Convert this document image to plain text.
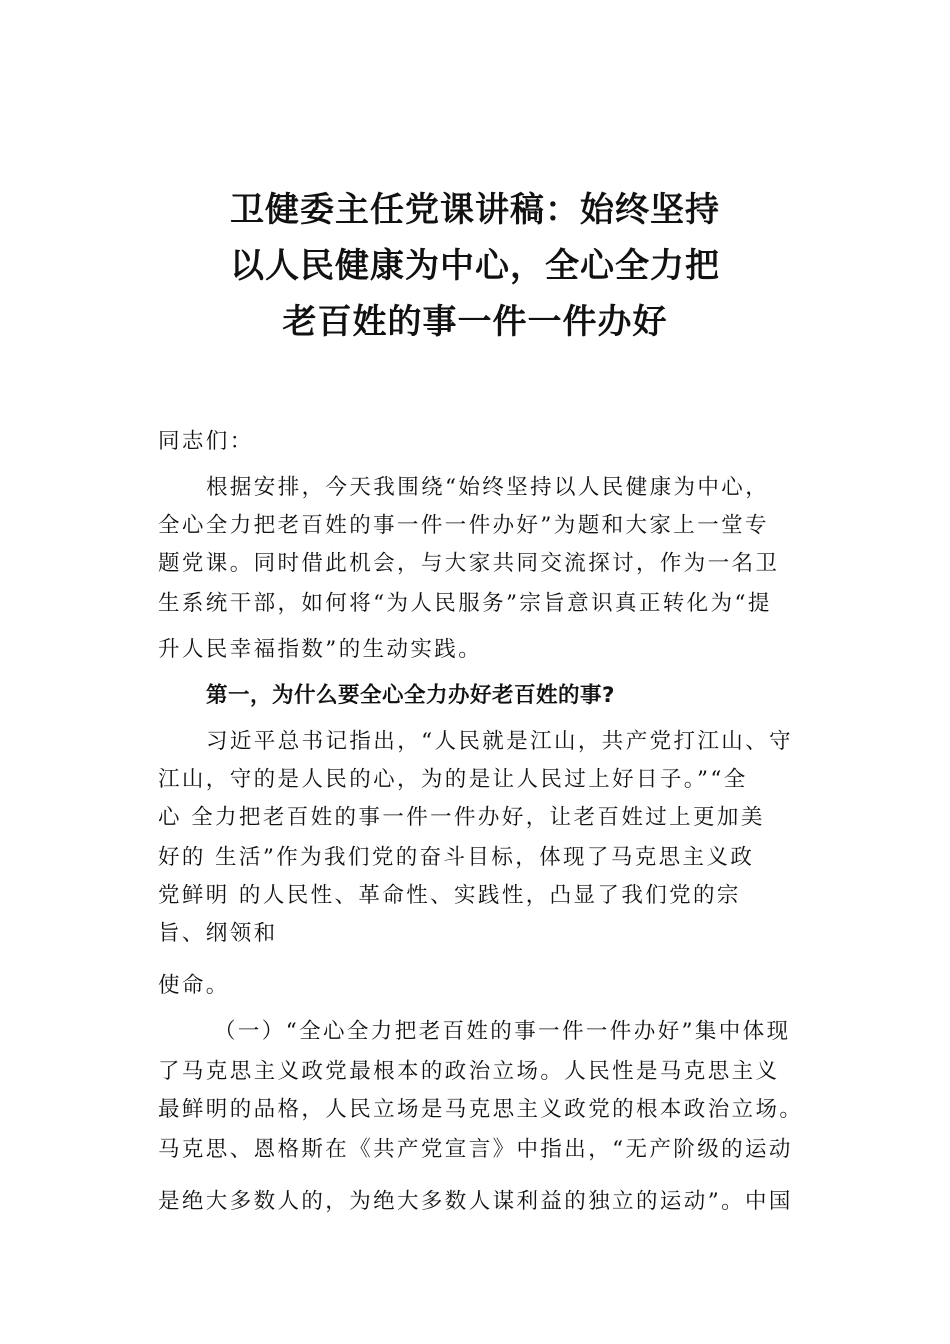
卫健委主任党课讲稿：始终坚持
以人民健康为中心，全心全力把
老百姓的事一件一件办好
同志们：
根据安排，今天我围绕“始终坚持以人民健康为中心，
全心全力把老百姓的事一件一件办好”为题和大家上一堂专
题党课。同时借此机会，与大家共同交流探讨，作为一名卫
生系统干部，如何将“为人民服务”宗旨意识真正转化为“提
升人民幸福指数”的生动实践。
第一，为什么要全心全力办好老百姓的事?
习近平总书记指出，“人民就是江山，共产党打江山、守
江山，守的是人民的心，为的是让人民过上好日子。”“全
心 全力把老百姓的事一件一件办好，让老百姓过上更加美
好的 生活”作为我们党的奋斗目标，体现了马克思主义政
党鲜明 的人民性、革命性、实践性，凸显了我们党的宗
旨、纲领和
使命。
（一）“全心全力把老百姓的事一件一件办好”集中体现
了马克思主义政党最根本的政治立场。人民性是马克思主义
最鲜明的品格，人民立场是马克思主义政党的根本政治立场。
马克思、恩格斯在《共产党宣言》中指出，“无产阶级的运动
是绝大多数人的，为绝大多数人谋利益的独立的运动”。中国
